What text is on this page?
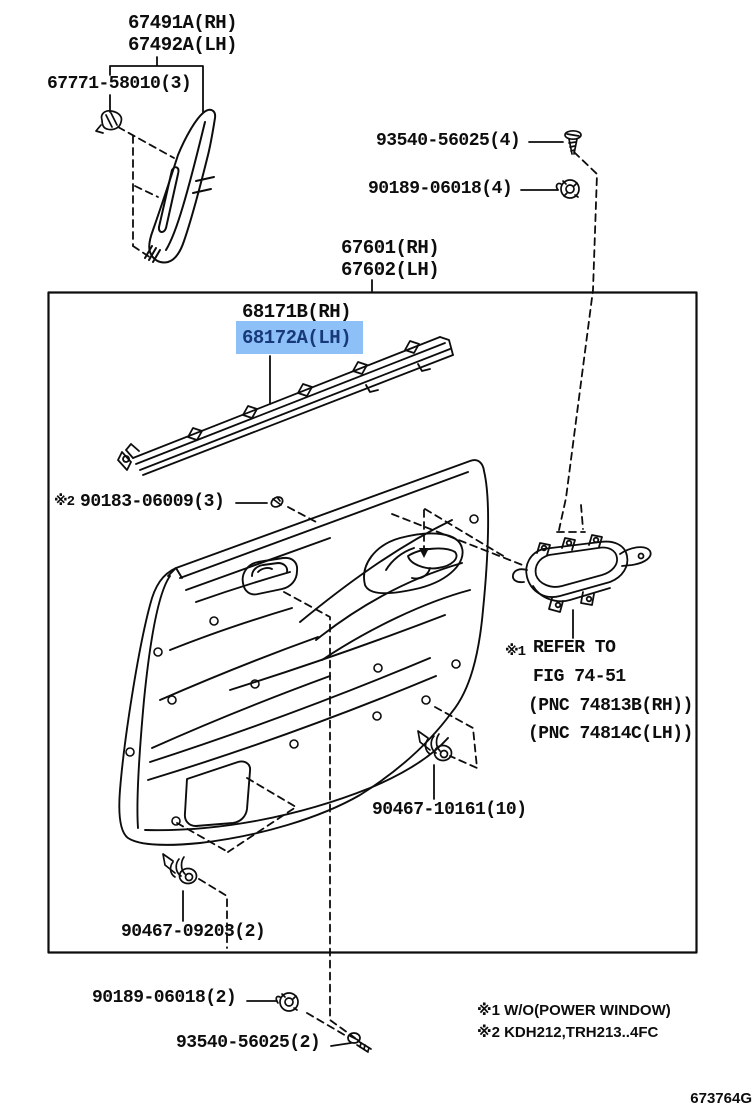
67491A(RH)
67492A(LH)
67771-58010(3)
93540-56025(4)
90189-06018(4)
67601(RH)
67602(LH)
68171B(RH)
68172A(LH)
※2 90183-06009(3)

※1

REFER TO

FIG 74-51

(PNC 74813B(RH))

(PNC 74814C(LH))

90467-10161(10)
90467-09203(2)
90189-06018(2)
93540-56025(2)
※1 W/O(POWER WINDOW)
※2 KDH212,TRH213..4FC
673764G
